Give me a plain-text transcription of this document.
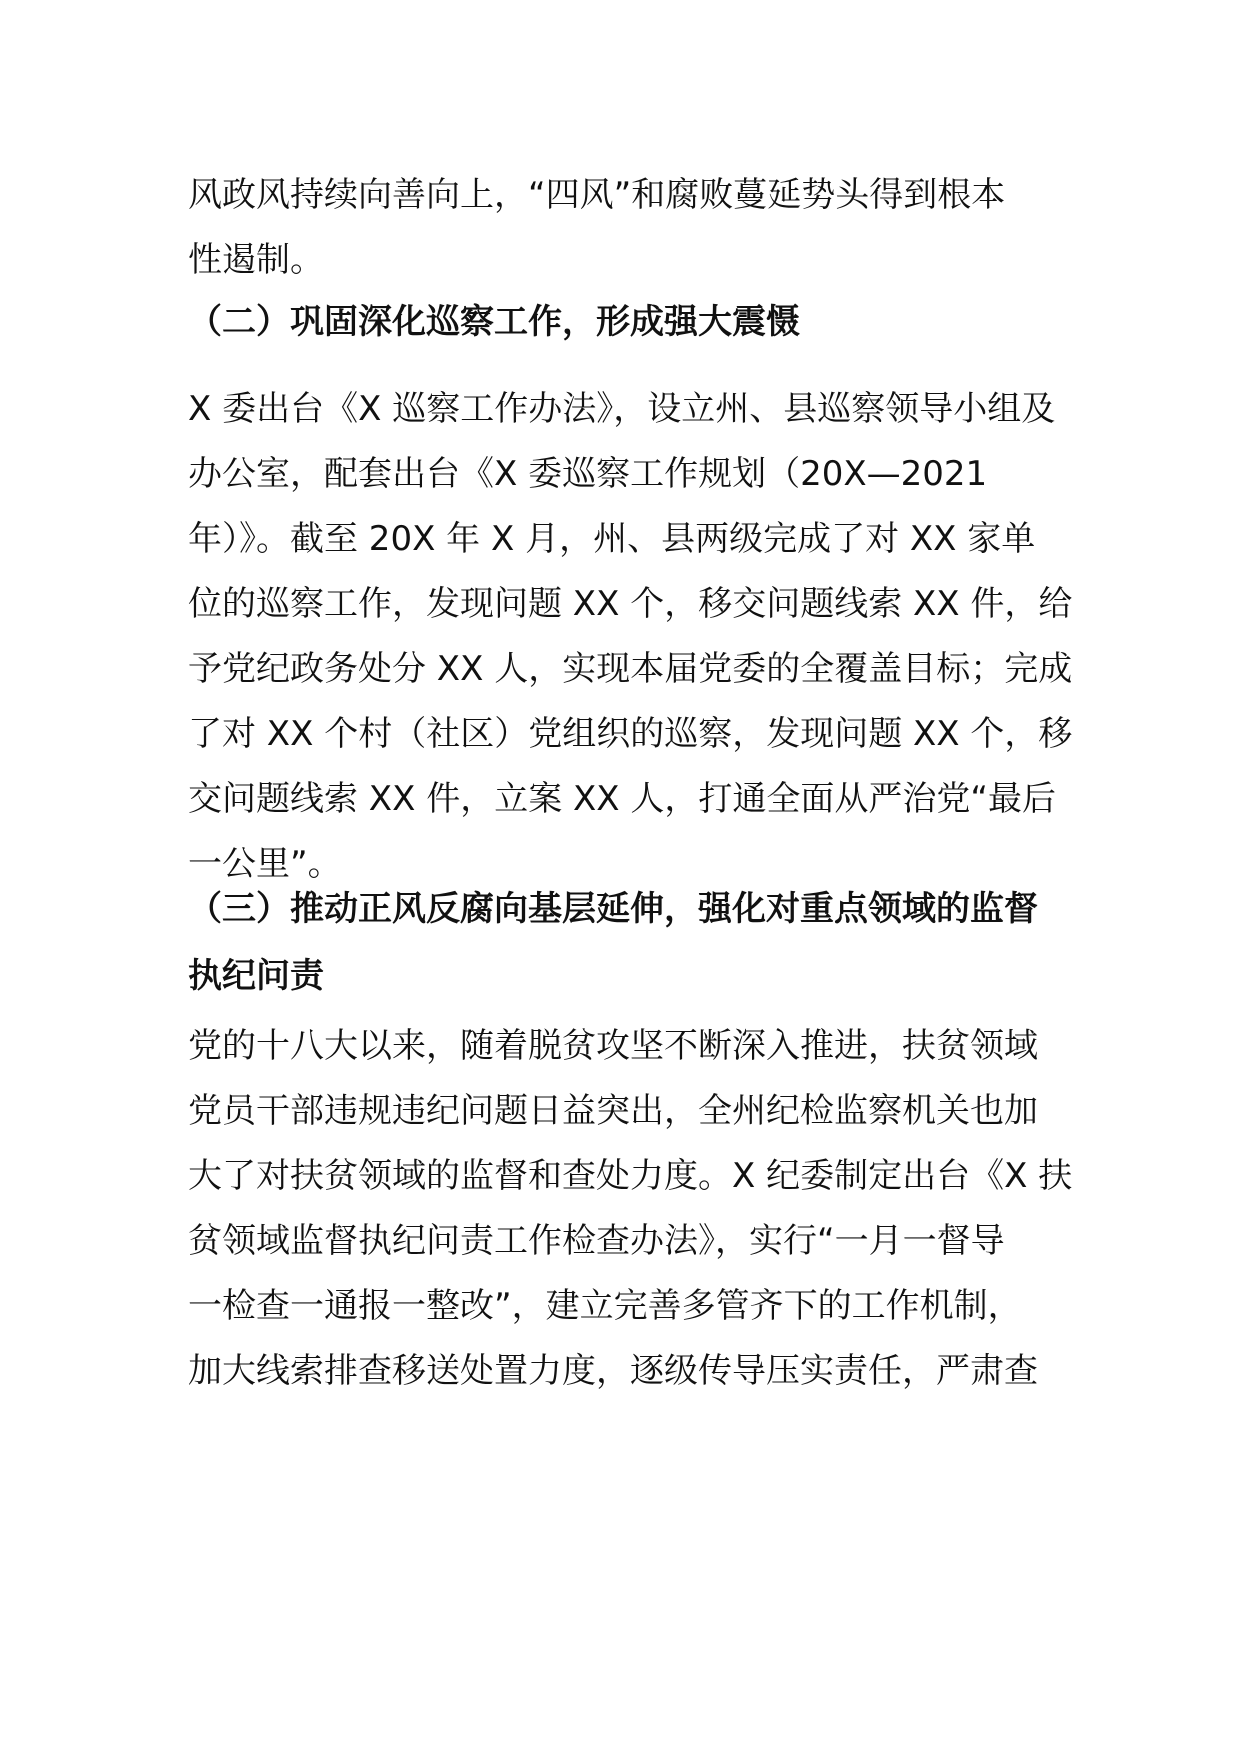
风政风持续向善向上，“四风”和腐败蔓延势头得到根本
性遏制。
（二）巩固深化巡察工作，形成强大震慑
X 委出台《X 巡察工作办法》，设立州、县巡察领导小组及
办公室，配套出台《X 委巡察工作规划（20X—2021
年）》。截至 20X 年 X 月，州、县两级完成了对 XX 家单
位的巡察工作，发现问题 XX 个，移交问题线索 XX 件，给
予党纪政务处分 XX 人，实现本届党委的全覆盖目标；完成
了对 XX 个村（社区）党组织的巡察，发现问题 XX 个，移
交问题线索 XX 件，立案 XX 人，打通全面从严治党“最后
一公里”。
（三）推动正风反腐向基层延伸，强化对重点领域的监督
执纪问责
党的十八大以来，随着脱贫攻坚不断深入推进，扶贫领域
党员干部违规违纪问题日益突出，全州纪检监察机关也加
大了对扶贫领域的监督和查处力度。X 纪委制定出台《X 扶
贫领域监督执纪问责工作检查办法》，实行“一月一督导
一检查一通报一整改”，建立完善多管齐下的工作机制，
加大线索排查移送处置力度，逐级传导压实责任，严肃查
